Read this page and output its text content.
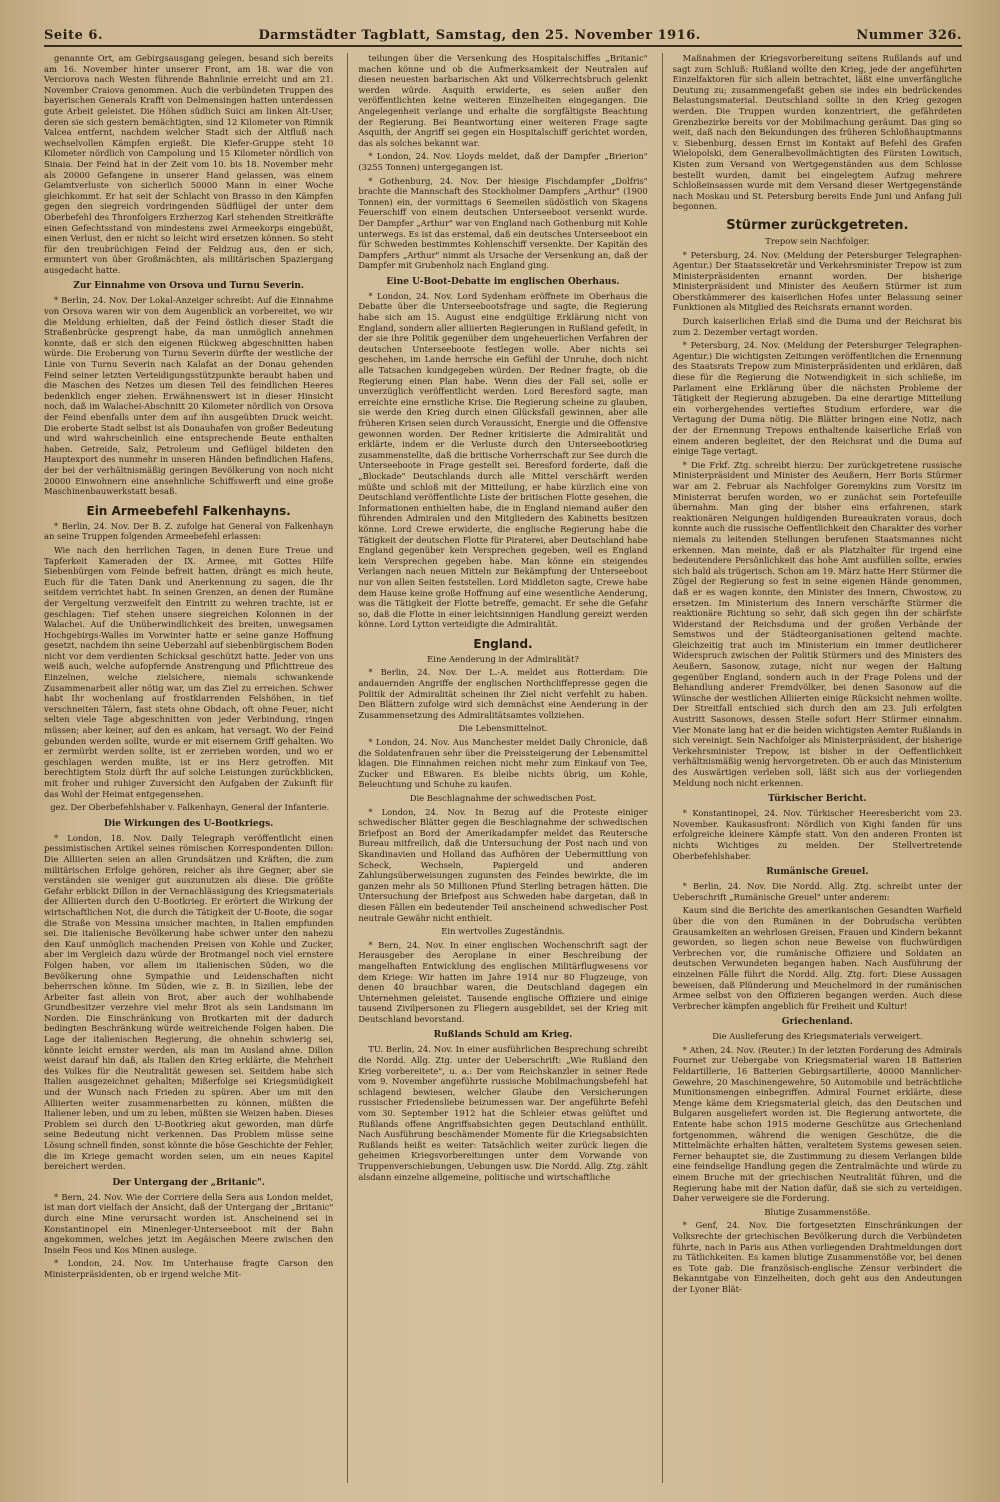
Seite 6.	Darmstädter Tagblatt, Samstag, den 25. November 1916.	Nummer 326.

genannte Ort, am Gebirgsausgang gelegen, besand sich bereits am 16. November hinter unserer Front, am 18. war die von Verciorova nach Westen führende Bahnlinie erreicht und am 21. November Craiova genommen. Auch die verbündeten Truppen des bayerischen Generals Krafft von Delmensingen hatten unterdessen gute Arbeit geleistet. Die Höhen südlich Suici am linken Alt-User, deren sie sich gestern bemächtigten, sind 12 Kilometer von Rimnik Valcea entfernt, nachdem welcher Stadt sich der Altfluß nach wechselvollen Kämpfen ergießt. Die Kiefer-Gruppe steht 10 Kilometer nördlich von Campolung und 15 Kilometer nördlich von Sinaia. Der Feind hat in der Zeit vom 10. bis 18. November mehr als 20000 Gefangene in unserer Hand gelassen, was einem Gelamtverluste von sicherlich 50000 Mann in einer Woche gleichkommt. Er hat seit der Schlacht von Brasso in den Kämpfen gegen den siegreich vordringenden Südflügel der unter dem Oberbefehl des Thronfolgers Erzherzog Karl stehenden Streitkräfte einen Gefechtsstand von mindestens zwei Armeekorps eingebüßt, einen Verlust, den er nicht so leicht wird ersetzen können. So steht für den treubrüchigen Feind der Feldzug aus, den er sich, ermuntert von über Großmächten, als militärischen Spaziergang ausgedacht hatte.

Zur Einnahme von Orsova und Turnu Severin.

* Berlin, 24. Nov. Der Lokal-Anzeiger schreibt: Auf die Einnahme von Orsova waren wir von dem Augenblick an vorbereitet, wo wir die Meldung erhielten, daß der Feind östlich dieser Stadt die Straßenbrücke gesprengt habe, da man unmöglich annehmen konnte, daß er sich den eigenen Rückweg abgeschnitten haben würde. Die Eroberung von Turnu Severin dürfte der westliche der Linie von Turnu Severin nach Kalafat an der Donau gehenden Feind seiner letzten Verteidigungsstützpunkte beraubt haben und die Maschen des Netzes um diesen Teil des feindlichen Heeres bedenklich enger ziehen. Erwähnenswert ist in dieser Hinsicht noch, daß im Walachei-Abschnitt 20 Kilometer nördlich von Orsova der Feind ebenfalls unter dem auf ihn ausgeübten Druck weicht. Die eroberte Stadt selbst ist als Donauhafen von großer Bedeutung und wird wahrscheinlich eine entsprechende Beute enthalten haben. Getreide, Salz, Petroleum und Geflügel bildeten den Hauptexport des nunmehr in unseren Händen befindlichen Hafens, der bei der verhältnismäßig geringen Bevölkerung von noch nicht 20000 Einwohnern eine ansehnliche Schiffswerft und eine große Maschinenbauwerkstatt besaß.

Ein Armeebefehl Falkenhayns.

* Berlin, 24. Nov. Der B. Z. zufolge hat General von Falkenhayn an seine Truppen folgenden Armeebefehl erlassen:

Wie nach den herrlichen Tagen, in denen Eure Treue und Tapferkeit Kameraden der IX. Armee, mit Gottes Hilfe Siebenbürgen vom Feinde befreit hatten, drängt es mich heute, Euch für die Taten Dank und Anerkennung zu sagen, die Ihr seitdem verrichtet habt. In seinen Grenzen, an denen der Rumäne der Vergeltung verzweifelt den Eintritt zu wehren trachte, ist er geschlagen: Tief stehen unsere siegreichen Kolonnen in der Walachei. Auf die Unüberwindlichkeit des breiten, unwegsamen Hochgebirgs-Walles im Vorwinter hatte er seine ganze Hoffnung gesetzt, nachdem ihn seine Ueberzahl auf siebenbürgischem Boden nicht vor dem verdienten Schicksal geschützt hatte. Jeder von uns weiß auch, welche aufopfernde Anstrengung und Pflichttreue des Einzelnen, welche zielsichere, niemals schwankende Zusammenarbeit aller nötig war, um das Ziel zu erreichen. Schwer habt Ihr wochenlang auf frostklarrenden Felshöhen, in tief verschneiten Tälern, fast stets ohne Obdach, oft ohne Feuer, nicht selten viele Tage abgeschnitten von jeder Verbindung, ringen müssen; aber keiner, auf den es ankam, hat versagt. Wo der Feind gebunden werden sollte, wurde er mit eisernem Griff gehalten. Wo er zermürbt werden sollte, ist er zerrieben worden, und wo er geschlagen werden mußte, ist er ins Herz getroffen. Mit berechtigtem Stolz dürft Ihr auf solche Leistungen zurückblicken, mit froher und ruhiger Zuversicht den Aufgaben der Zukunft für das Wohl der Heimat entgegensehen.

gez. Der Oberbefehlshaber v. Falkenhayn, General der Infanterie.
Die Wirkungen des U-Bootkriegs.

* London, 18. Nov. Daily Telegraph veröffentlicht einen pessimistischen Artikel seines römischen Korrespondenten Dillon: Die Alliierten seien an allen Grundsätzen und Kräften, die zum militärischen Erfolge gehören, reicher als ihre Gegner, aber sie verständen sie weniger gut auszunutzen als diese. Die größte Gefahr erblickt Dillon in der Vernachlässigung des Kriegsmaterials der Alliierten durch den U-Bootkrieg. Er erörtert die Wirkung der wirtschaftlichen Not, die durch die Tätigkeit der U-Boote, die sogar die Straße von Messina unsicher machten, in Italien empfunden sei. Die italienische Bevölkerung habe schwer unter den nahezu den Kauf unmöglich machenden Preisen von Kohle und Zucker, aber im Vergleich dazu würde der Brotmangel noch viel ernstere Folgen haben, vor allem im italienischen Süden, wo die Bevölkerung ohne Sympathie und Leidenschaften nicht beherrschen könne. Im Süden, wie z. B. in Sizilien, lebe der Arbeiter fast allein von Brot, aber auch der wohlhabende Grundbesitzer verzehre viel mehr Brot als sein Landsmann im Norden. Die Einschränkung von Brotkarten mit der dadurch bedingten Beschränkung würde weitreichende Folgen haben. Die Lage der italienischen Regierung, die ohnehin schwierig sei, könnte leicht ernster werden, als man im Ausland ahne. Dillon weist darauf hin daß, als Italien den Krieg erklärte, die Mehrheit des Volkes für die Neutralität gewesen sei. Seitdem habe sich Italien ausgezeichnet gehalten; Mißerfolge sei Kriegsmüdigkeit und der Wunsch nach Frieden zu spüren. Aber um mit den Alliierten weiter zusammenarbeiten zu können, müßten die Italiener leben, und um zu leben, müßten sie Weizen haben. Dieses Problem sei durch den U-Bootkrieg akut geworden, man dürfe seine Bedeutung nicht verkennen. Das Problem müsse seine Lösung schnell finden, sonst könnte die böse Geschichte der Fehler, die im Kriege gemacht worden seien, um ein neues Kapitel bereichert werden.

Der Untergang der „Britanic".

* Bern, 24. Nov. Wie der Corriere della Sera aus London meldet, ist man dort vielfach der Ansicht, daß der Untergang der „Britanic" durch eine Mine verursacht worden ist. Anscheinend sei in Konstantinopel ein Minenleger-Unterseeboot mit der Bahn angekommen, welches jetzt im Aegäischen Meere zwischen den Inseln Feos und Kos Minen auslege.

* London, 24. Nov. Im Unterhause fragte Carson den Ministerpräsidenten, ob er irgend welche Mit-

teilungen über die Versenkung des Hospitalschiffes „Britanic" machen könne und ob die Aufmerksamkeit der Neutralen auf diesen neuesten barbarischen Akt und Völkerrechtsbruch gelenkt werden würde. Asquith erwiderte, es seien außer den veröffentlichten keine weiteren Einzelheiten eingegangen. Die Angelegenheit verlange und erhalte die sorgfältigste Beachtung der Regierung. Bei Beantwortung einer weiteren Frage sagte Asquith, der Angriff sei gegen ein Hospitalschiff gerichtet worden, das als solches bekannt war.

* London, 24. Nov. Lloyds meldet, daß der Dampfer „Brierion" (3255 Tonnen) untergegangen ist.

* Gothenburg, 24. Nov. Der hiesige Fischdampfer „Dolfris" brachte die Mannschaft des Stockholmer Dampfers „Arthur" (1900 Tonnen) ein, der vormittags 6 Seemeilen südöstlich von Skagens Feuerschiff von einem deutschen Unterseeboot versenkt wurde. Der Dampfer „Arthur" war von England nach Gothenburg mit Kohle unterwegs. Es ist das erstemal, daß ein deutsches Unterseeboot ein für Schweden bestimmtes Kohlenschiff versenkte. Der Kapitän des Dampfers „Arthur" nimmt als Ursache der Versenkung an, daß der Dampfer mit Grubenholz nach England ging.

Eine U-Boot-Debatte im englischen Oberhaus.

* London, 24. Nov. Lord Sydenham eröffnete im Oberhaus die Debatte über die Unterseebootsfrage und sagte, die Regierung habe sich am 15. August eine endgültige Erklärung nicht von England, sondern aller alliierten Regierungen in Rußland gefeilt, in der sie ihre Politik gegenüber dem ungeheuerlichen Verfahren der deutschen Unterseeboote festlegen wolle. Aber nichts sei geschehen, im Lande herrsche ein Gefühl der Unruhe, doch nicht alle Tatsachen kundgegeben würden. Der Redner fragte, ob die Regierung einen Plan habe. Wenn dies der Fall sei, solle er unverzüglich veröffentlicht werden. Lord Beresford sagte, man erreichte eine ernstliche Krise. Die Regierung scheine zu glauben, sie werde den Krieg durch einen Glücksfall gewinnen, aber alle früheren Krisen seien durch Voraussicht, Energie und die Offensive gewonnen worden. Der Redner kritisierte die Admiralität und erklärte, indem er die Verluste durch den Unterseebootkrieg zusammenstellte, daß die britische Vorherrschaft zur See durch die Unterseeboote in Frage gestellt sei. Beresford forderte, daß die „Blockade" Deutschlands durch alle Mittel verschärft werden müßte und schloß mit der Mitteilung, er habe kürzlich eine von Deutschland veröffentlichte Liste der britischen Flotte gesehen, die Informationen enthielten habe, die in England niemand außer den führenden Admiralen und den Mitgliedern des Kabinetts besitzen könne. Lord Crewe erwiderte, die englische Regierung habe die Tätigkeit der deutschen Flotte für Piraterei, aber Deutschland habe England gegenüber kein Versprechen gegeben, weil es England kein Versprechen gegeben habe. Man könne ein steigendes Verlangen nach neuen Mitteln zur Bekämpfung der Unterseeboot nur von allen Seiten feststellen. Lord Middleton sagte, Crewe habe dem Hause keine große Hoffnung auf eine wesentliche Aenderung, was die Tätigkeit der Flotte betreffe, gemacht. Er sehe die Gefahr so, daß die Flotte in einer leichtsinnigen Handlung gereizt werden könne. Lord Lytton verteidigte die Admiralität.

England.
Eine Aenderung in der Admiralität?

* Berlin, 24. Nov. Der L.-A. meldet aus Rotterdam: Die andauernden Angriffe der englischen Northcliffepresse gegen die Politik der Admiralität scheinen ihr Ziel nicht verfehlt zu haben. Den Blättern zufolge wird sich demnächst eine Aenderung in der Zusammensetzung des Admiralitätsamtes vollziehen.

Die Lebensmittelnot.

* London, 24. Nov. Aus Manchester meldet Daily Chronicle, daß die Soldatenfrauen sehr über die Preissteigerung der Lebensmittel klagen. Die Einnahmen reichen nicht mehr zum Einkauf von Tee, Zucker und Eßwaren. Es bleibe nichts übrig, um Kohle, Beleuchtung und Schuhe zu kaufen.

Die Beschlagnahme der schwedischen Post.

* London, 24. Nov. In Bezug auf die Proteste einiger schwedischer Blätter gegen die Beschlagnahme der schwedischen Briefpost an Bord der Amerikadampfer meldet das Reutersche Bureau mitfreilich, daß die Untersuchung der Post nach und von Skandinavien und Holland das Aufhören der Uebermittlung von Scheck, Wechseln, Papiergeld und anderen Zahlungsüberweisungen zugunsten des Feindes bewirkte, die im ganzen mehr als 50 Millionen Pfund Sterling betragen hätten. Die Untersuchung der Briefpost aus Schweden habe dargetan, daß in diesen Fällen ein bedeutender Teil anscheinend schwedischer Post neutrale Gewähr nicht enthielt.

Ein wertvolles Zugeständnis.

* Bern, 24. Nov. In einer englischen Wochenschrift sagt der Herausgeber des Aeroplane in einer Beschreibung der mangelhaften Entwicklung des englischen Militärflugwesens vor dem Kriege: Wir hatten im Jahre 1914 nur 80 Flugzeuge, von denen 40 brauchbar waren, die Deutschland dagegen ein Unternehmen geleistet. Tausende englische Offiziere und einige tausend Zivilpersonen zu Fliegern ausgebildet, sei der Krieg mit Deutschland bevorstand.

Rußlands Schuld am Krieg.

TU. Berlin, 24. Nov. In einer ausführlichen Besprechung schreibt die Nordd. Allg. Ztg. unter der Ueberschrift: „Wie Rußland den Krieg vorbereitete", u. a.: Der vom Reichskanzler in seiner Rede vom 9. November angeführte russische Mobilmachungsbefehl hat schlagend bewiesen, welcher Glaube den Versicherungen russischer Friedensliebe beizumessen war. Der angeführte Befehl vom 30. September 1912 hat die Schleier etwas gelüftet und Rußlands offene Angriffsabsichten gegen Deutschland enthüllt. Nach Ausführung beschämender Momente für die Kriegsabsichten Rußlands heißt es weiter: Tatsächlich weiter zurück liegen die geheimen Kriegsvorbereitungen unter dem Vorwande von Truppenverschiebungen, Uebungen usw. Die Nordd. Allg. Ztg. zählt alsdann einzelne allgemeine, politische und wirtschaftliche

Maßnahmen der Kriegsvorbereitung seitens Rußlands auf und sagt zum Schluß: Rußland wollte den Krieg, jede der angeführten Einzelfaktoren für sich allein betrachtet, läßt eine unverfängliche Deutung zu; zusammengefaßt geben sie indes ein bedrückendes Belastungsmaterial. Deutschland sollte in den Krieg gezogen werden. Die Truppen wurden konzentriert, die gefährdeten Grenzbezirke bereits vor der Mobilmachung geräumt. Das ging so weit, daß nach den Bekundungen des früheren Schloßhauptmanns v. Siebenburg, dessen Ernst im Kontakt auf Befehl des Grafen Wielopolski, dem Generalbevollmächtigten des Fürsten Lowitsch, Kisten zum Versand von Wertgegenständen aus dem Schlosse bestellt wurden, damit bei eingelegtem Aufzug mehrere Schloßeinsassen wurde mit dem Versand dieser Wertgegenstände nach Moskau und St. Petersburg bereits Ende Juni und Anfang Juli begonnen.

Stürmer zurückgetreten.
Trepow sein Nachfolger.

* Petersburg, 24. Nov. (Meldung der Petersburger Telegraphen-Agentur.) Der Staatssekretär und Verkehrsminister Trepow ist zum Ministerpräsidenten ernannt worden. Der bisherige Ministerpräsident und Minister des Aeußern Stürmer ist zum Oberstkämmerer des kaiserlichen Hofes unter Belassung seiner Funktionen als Mitglied des Reichsrats ernannt worden.

Durch kaiserlichen Erlaß sind die Duma und der Reichsrat bis zum 2. Dezember vertagt worden.

* Petersburg, 24. Nov. (Meldung der Petersburger Telegraphen-Agentur.) Die wichtigsten Zeitungen veröffentlichen die Ernennung des Staatsrats Trepow zum Ministerpräsidenten und erklären, daß diese für die Regierung die Notwendigkeit in sich schließe, im Parlament eine Erklärung über die nächsten Probleme der Tätigkeit der Regierung abzugeben. Da eine derartige Mitteilung ein vorhergehendes vertieftes Studium erfordere, war die Vertagung der Duma nötig. Die Blätter bringen eine Notiz, nach der der Ernennung Trepows enthaltende kaiserliche Erlaß von einem anderen begleitet, der den Reichsrat und die Duma auf einige Tage vertagt.

* Die Frkf. Ztg. schreibt hierzu: Der zurückgetretene russische Ministerpräsident und Minister des Aeußern, Herr Boris Stürmer war am 2. Februar als Nachfolger Goremykins zum Vorsitz im Ministerrat berufen worden, wo er zunächst sein Portefeuille übernahm. Man ging der bisher eins erfahrenen, stark reaktionären Neigungen huldigenden Bureaukraten voraus, doch konnte auch die russische Oeffentlichkeit den Charakter des vorher niemals zu leitenden Stellungen berufenen Staatsmannes nicht erkennen. Man meinte, daß er als Platzhalter für irgend eine bedeutendere Persönlichkeit das hohe Amt ausfüllen sollte, erwies sich bald als trügerisch. Schon am 19. März hatte Herr Stürmer die Zügel der Regierung so fest in seine eigenen Hände genommen, daß er es wagen konnte, den Minister des Innern, Chwostow, zu ersetzen. Im Ministerium des Innern verschärfte Stürmer die reaktionäre Richtung so sehr, daß sich gegen ihn der schärfste Widerstand der Reichsduma und der großen Verbände der Semstwos und der Städteorganisationen geltend machte. Gleichzeitig trat auch im Ministerium ein immer deutlicherer Widerspruch zwischen der Politik Stürmers und des Ministers des Aeußern, Sasonow, zutage, nicht nur wegen der Haltung gegenüber England, sondern auch in der Frage Polens und der Behandlung anderer Fremdvölker, bei denen Sasonow auf die Wünsche der westlichen Alliierten einige Rücksicht nehmen wollte. Der Streitfall entschied sich durch den am 23. Juli erfolgten Austritt Sasonows, dessen Stelle sofort Herr Stürmer einnahm. Vier Monate lang hat er die beiden wichtigsten Aemter Rußlands in sich vereinigt. Sein Nachfolger als Ministerpräsident, der bisherige Verkehrsminister Trepow, ist bisher in der Oeffentlichkeit verhältnismäßig wenig hervorgetreten. Ob er auch das Ministerium des Auswärtigen verleben soll, läßt sich aus der vorliegenden Meldung noch nicht erkennen.

Türkischer Bericht.

* Konstantinopel, 24. Nov. Türkischer Heeresbericht vom 23. November. Kaukasusfront: Nördlich von Kighi fanden für uns erfolgreiche kleinere Kämpfe statt. Von den anderen Fronten ist nichts Wichtiges zu melden. Der Stellvertretende Oberbefehlshaber.

Rumänische Greuel.

* Berlin, 24. Nov. Die Nordd. Allg. Ztg. schreibt unter der Ueberschrift „Rumänische Greuel" unter anderem:

Kaum sind die Berichte des amerikanischen Gesandten Warfield über die von den Rumänen in der Dobrudscha verübten Grausamkeiten an wehrlosen Greisen, Frauen und Kindern bekannt geworden, so liegen schon neue Beweise von fluchwürdigen Verbrechen vor, die rumänische Offiziere und Soldaten an deutschen Verwundeten begangen haben. Nach Ausführung der einzelnen Fälle führt die Nordd. Allg. Ztg. fort: Diese Aussagen beweisen, daß Plünderung und Meuchelmord in der rumänischen Armee selbst von den Offizieren begangen werden. Auch diese Verbrecher kämpfen angeblich für Freiheit und Kultur!

Griechenland.
Die Auslieferung des Kriegsmaterials verweigert.

* Athen, 24. Nov. (Reuter.) In der letzten Forderung des Admirals Fournet zur Uebergabe von Kriegsmaterial waren 18 Batterien Feldartillerie, 16 Batterien Gebirgsartillerie, 40000 Mannlicher-Gewehre, 20 Maschinengewehre, 50 Automobile und beträchtliche Munitionsmengen einbegriffen. Admiral Fournet erklärte, diese Menge käme dem Kriegsmaterial gleich, das den Deutschen und Bulgaren ausgeliefert worden ist. Die Regierung antwortete, die Entente habe schon 1915 moderne Geschütze aus Griechenland fortgenommen, während die wenigen Geschütze, die die Mittelmächte erhalten hätten, veraltetem Systems gewesen seien. Ferner behauptet sie, die Zustimmung zu diesem Verlangen bilde eine feindselige Handlung gegen die Zentralmächte und würde zu einem Bruche mit der griechischen Neutralität führen, und die Regierung habe mit der Nation dafür, daß sie sich zu verteidigen. Daher verweigere sie die Forderung.

Blutige Zusammenstöße.

* Genf, 24. Nov. Die fortgesetzten Einschränkungen der Volksrechte der griechischen Bevölkerung durch die Verbündeten führte, nach in Paris aus Athen vorliegenden Drahtmeldungen dort zu Tätlichkeiten. Es kamen blutige Zusammenstöße vor, bei denen es Tote gab. Die französisch-englische Zensur verbindert die Bekanntgabe von Einzelheiten, doch geht aus den Andeutungen der Lyoner Blät-
